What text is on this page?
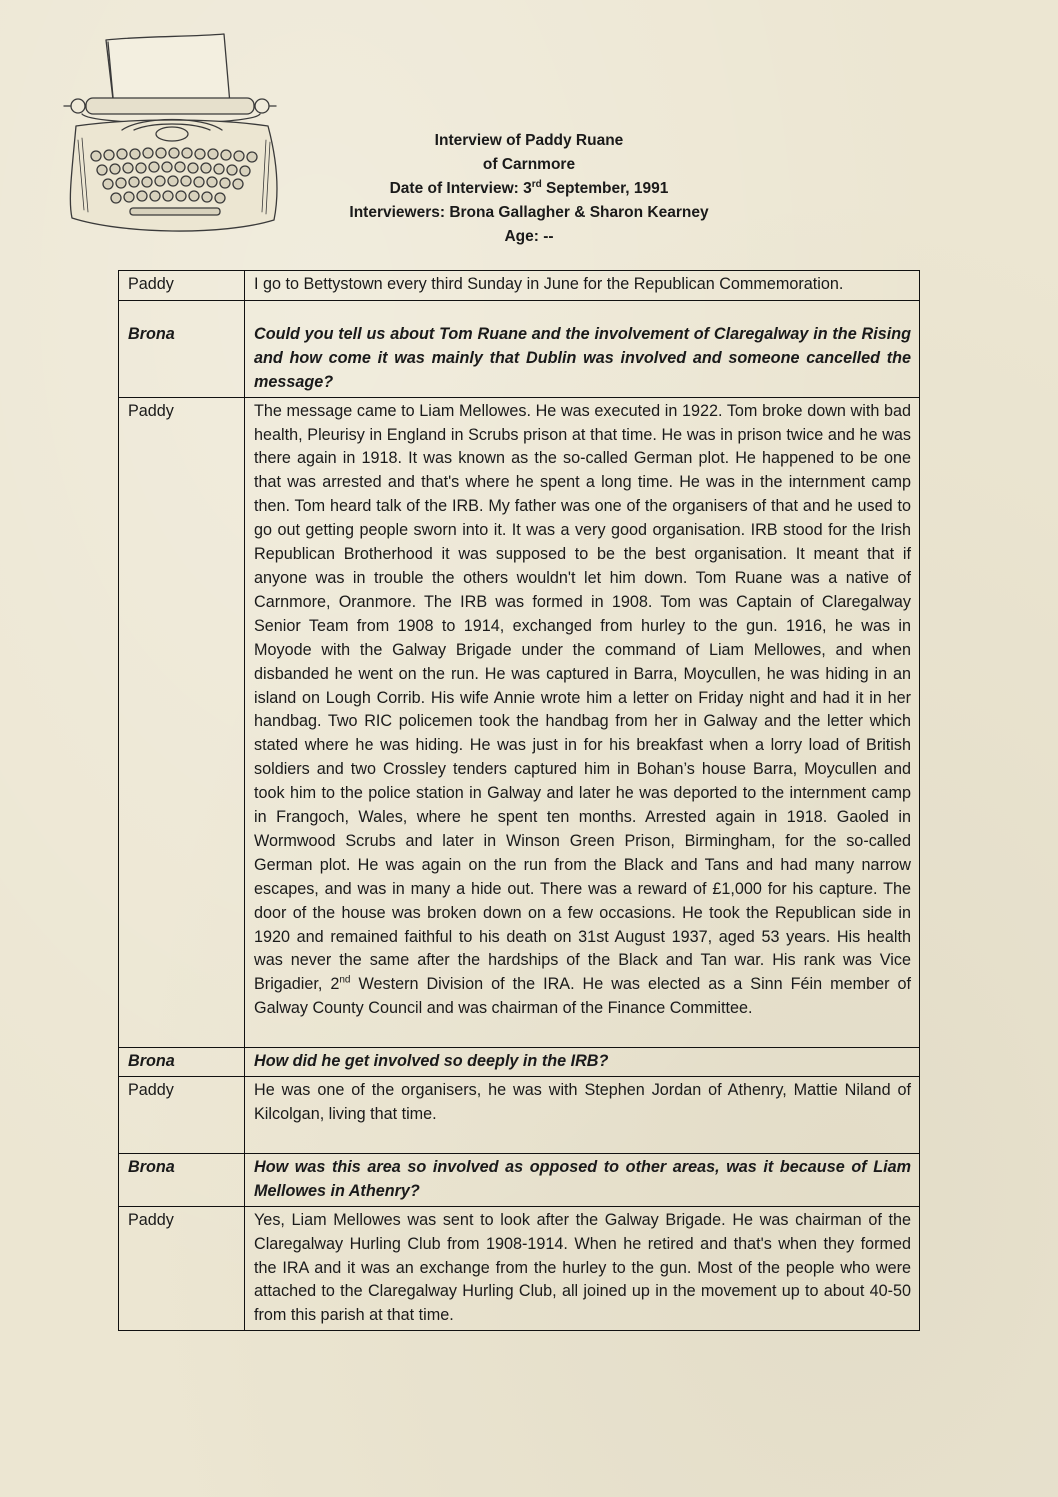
Interview of Paddy Ruane
of Carnmore
Date of Interview: 3rd September, 1991
Interviewers: Brona Gallagher & Sharon Kearney
Age: --
Paddy	I go to Bettystown every third Sunday in June for the Republican Commemoration.
Brona	Could you tell us about Tom Ruane and the involvement of Claregalway in the Rising and how come it was mainly that Dublin was involved and someone cancelled the message?
Paddy	The message came to Liam Mellowes. He was executed in 1922. Tom broke down with bad health, Pleurisy in England in Scrubs prison at that time. He was in prison twice and he was there again in 1918. It was known as the so-called German plot. He happened to be one that was arrested and that's where he spent a long time. He was in the internment camp then. Tom heard talk of the IRB. My father was one of the organisers of that and he used to go out getting people sworn into it. It was a very good organisation. IRB stood for the Irish Republican Brotherhood it was supposed to be the best organisation. It meant that if anyone was in trouble the others wouldn't let him down. Tom Ruane was a native of Carnmore, Oranmore. The IRB was formed in 1908. Tom was Captain of Claregalway Senior Team from 1908 to 1914, exchanged from hurley to the gun. 1916, he was in Moyode with the Galway Brigade under the command of Liam Mellowes, and when disbanded he went on the run. He was captured in Barra, Moycullen, he was hiding in an island on Lough Corrib. His wife Annie wrote him a letter on Friday night and had it in her handbag. Two RIC policemen took the handbag from her in Galway and the letter which stated where he was hiding. He was just in for his breakfast when a lorry load of British soldiers and two Crossley tenders captured him in Bohan’s house Barra, Moycullen and took him to the police station in Galway and later he was deported to the internment camp in Frangoch, Wales, where he spent ten months. Arrested again in 1918. Gaoled in Wormwood Scrubs and later in Winson Green Prison, Birmingham, for the so-called German plot. He was again on the run from the Black and Tans and had many narrow escapes, and was in many a hide out. There was a reward of £1,000 for his capture. The door of the house was broken down on a few occasions. He took the Republican side in 1920 and remained faithful to his death on 31st August 1937, aged 53 years. His health was never the same after the hardships of the Black and Tan war. His rank was Vice Brigadier, 2nd Western Division of the IRA. He was elected as a Sinn Féin member of Galway County Council and was chairman of the Finance Committee.
Brona	How did he get involved so deeply in the IRB?
Paddy	He was one of the organisers, he was with Stephen Jordan of Athenry, Mattie Niland of Kilcolgan, living that time.
Brona	How was this area so involved as opposed to other areas, was it because of Liam Mellowes in Athenry?
Paddy	Yes, Liam Mellowes was sent to look after the Galway Brigade. He was chairman of the Claregalway Hurling Club from 1908-1914. When he retired and that's when they formed the IRA and it was an exchange from the hurley to the gun. Most of the people who were attached to the Claregalway Hurling Club, all joined up in the movement up to about 40-50 from this parish at that time.
